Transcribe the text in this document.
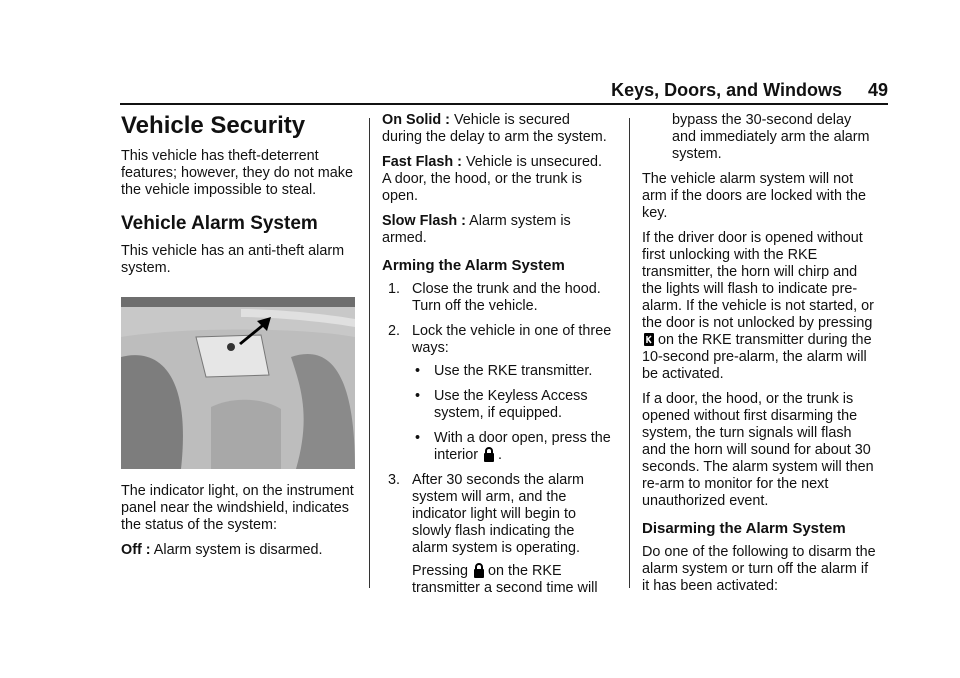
Keys, Doors, and Windows 49
Vehicle Security

This vehicle has theft-deterrent features; however, they do not make the vehicle impossible to steal.

Vehicle Alarm System

This vehicle has an anti-theft alarm system.

The indicator light, on the instrument panel near the windshield, indicates the status of the system:

Off : Alarm system is disarmed.

On Solid : Vehicle is secured during the delay to arm the system.

Fast Flash : Vehicle is unsecured. A door, the hood, or the trunk is open.

Slow Flash : Alarm system is armed.

Arming the Alarm System
1. Close the trunk and the hood. Turn off the vehicle.
2. Lock the vehicle in one of three ways:
• Use the RKE transmitter.
• Use the Keyless Access system, if equipped.
• With a door open, press the interior .
3. After 30 seconds the alarm system will arm, and the indicator light will begin to slowly flash indicating the alarm system is operating.
Pressing on the RKE transmitter a second time will

bypass the 30-second delay and immediately arm the alarm system.

The vehicle alarm system will not arm if the doors are locked with the key.

If the driver door is opened without first unlocking with the RKE transmitter, the horn will chirp and the lights will flash to indicate pre-alarm. If the vehicle is not started, or the door is not unlocked by pressing on the RKE transmitter during the 10-second pre-alarm, the alarm will be activated.

If a door, the hood, or the trunk is opened without first disarming the system, the turn signals will flash and the horn will sound for about 30 seconds. The alarm system will then re-arm to monitor for the next unauthorized event.

Disarming the Alarm System

Do one of the following to disarm the alarm system or turn off the alarm if it has been activated:
